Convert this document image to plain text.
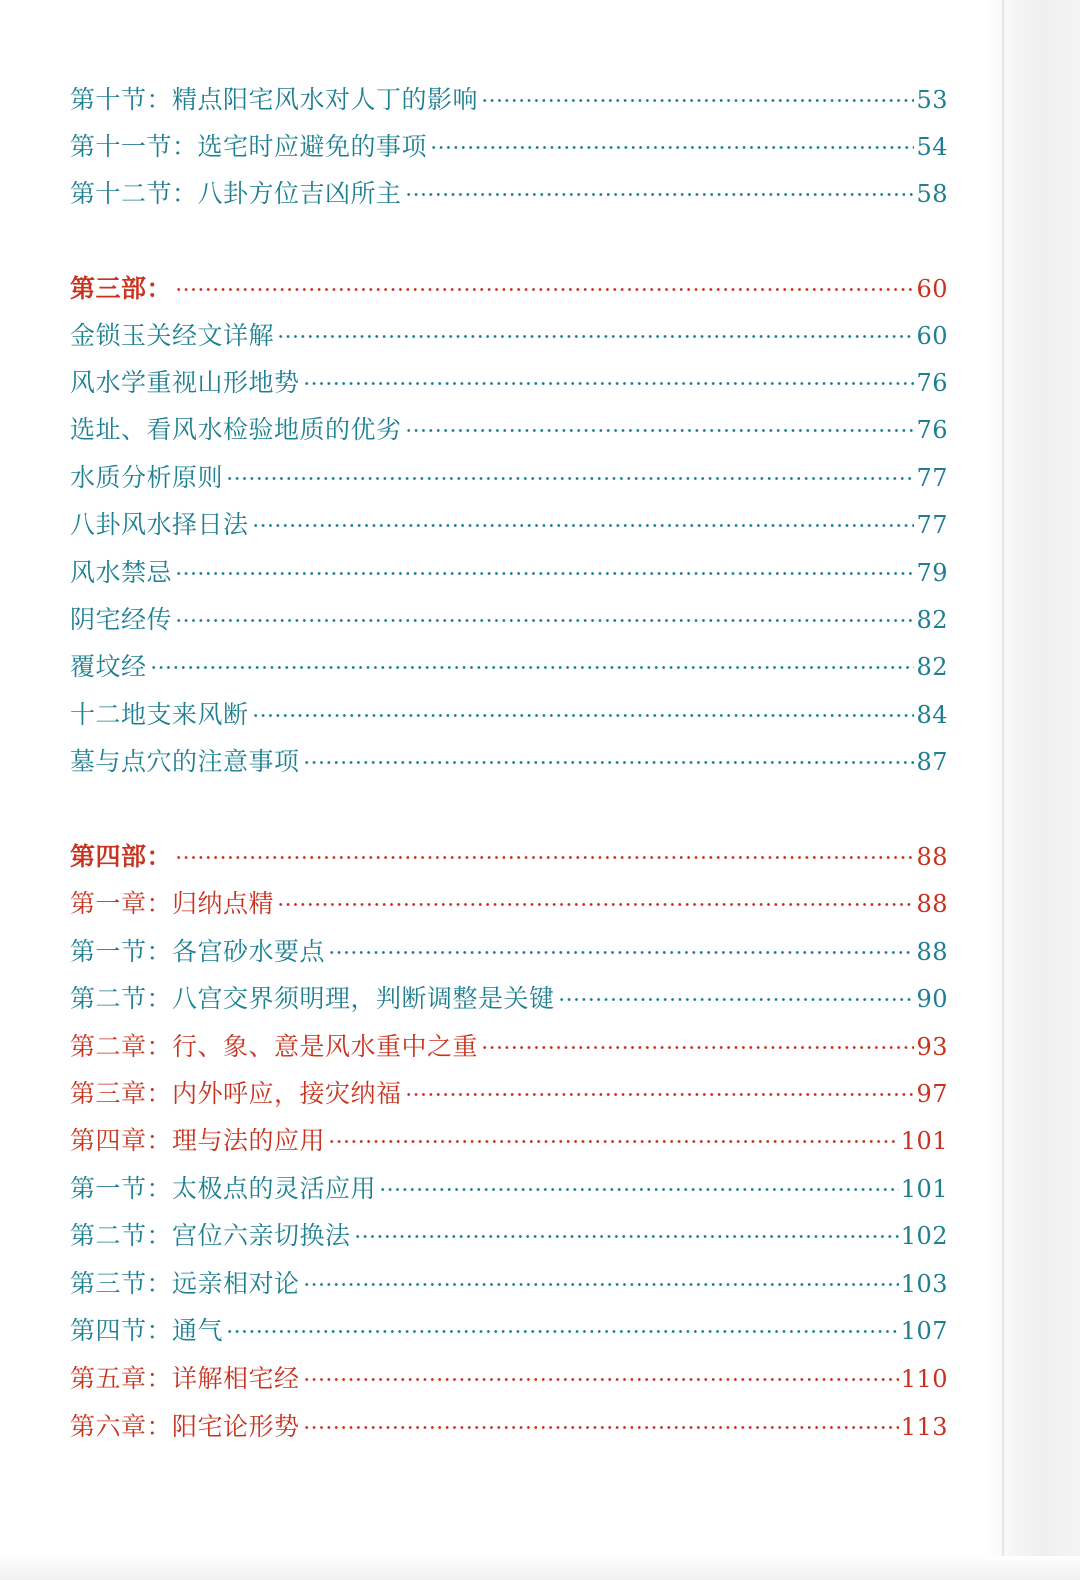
第十节：精点阳宅风水对人丁的影响	53
第十一节：选宅时应避免的事项	54
第十二节：八卦方位吉凶所主	58
第三部：	60
金锁玉关经文详解	60
风水学重视山形地势	76
选址、看风水检验地质的优劣	76
水质分析原则	77
八卦风水择日法	77
风水禁忌	79
阴宅经传	82
覆坟经	82
十二地支来风断	84
墓与点穴的注意事项	87
第四部：	88
第一章：归纳点精	88
第一节：各宫砂水要点	88
第二节：八宫交界须明理，判断调整是关键	90
第二章：行、象、意是风水重中之重	93
第三章：内外呼应，接灾纳福	97
第四章：理与法的应用	101
第一节：太极点的灵活应用	101
第二节：宫位六亲切换法	102
第三节：远亲相对论	103
第四节：通气	107
第五章：详解相宅经	110
第六章：阳宅论形势	113
